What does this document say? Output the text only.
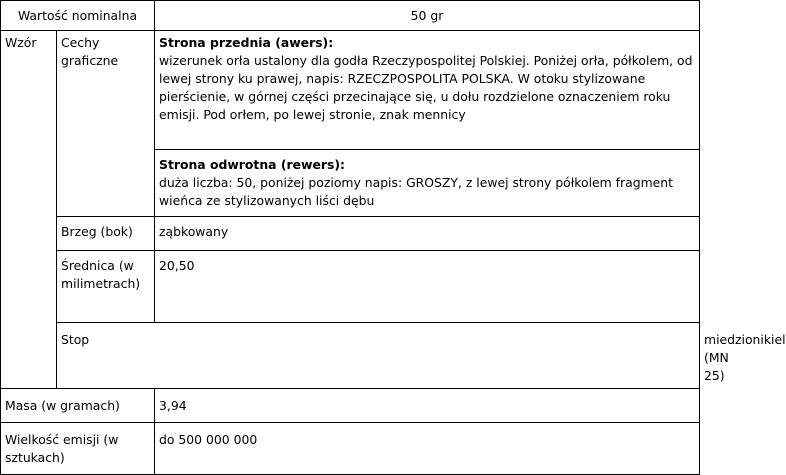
Wartość nominalna		50 gr	
Wzór	Cechy graficzne	Strona przednia (awers):
wizerunek orła ustalony dla godła Rzeczypospolitej Polskiej. Poniżej orła, półkolem, od lewej strony ku prawej, napis: RZECZPOSPOLITA POLSKA. W otoku stylizowane pierścienie, w górnej części przecinające się, u dołu rozdzielone oznaczeniem roku emisji. Pod orłem, po lewej stronie, znak mennicy
Strona odwrotna (rewers):
duża liczba: 50, poniżej poziomy napis: GROSZY, z lewej strony półkolem fragment wieńca ze stylizowanych liści dębu	

	Brzeg (bok)	ząbkowany	
	Średnica (w milimetrach)	20,50	
	Stop		miedzionikiel (MN 25)
Masa (w gramach)		3,94	
Wielkość emisji (w sztukach)		do 500 000 000	
